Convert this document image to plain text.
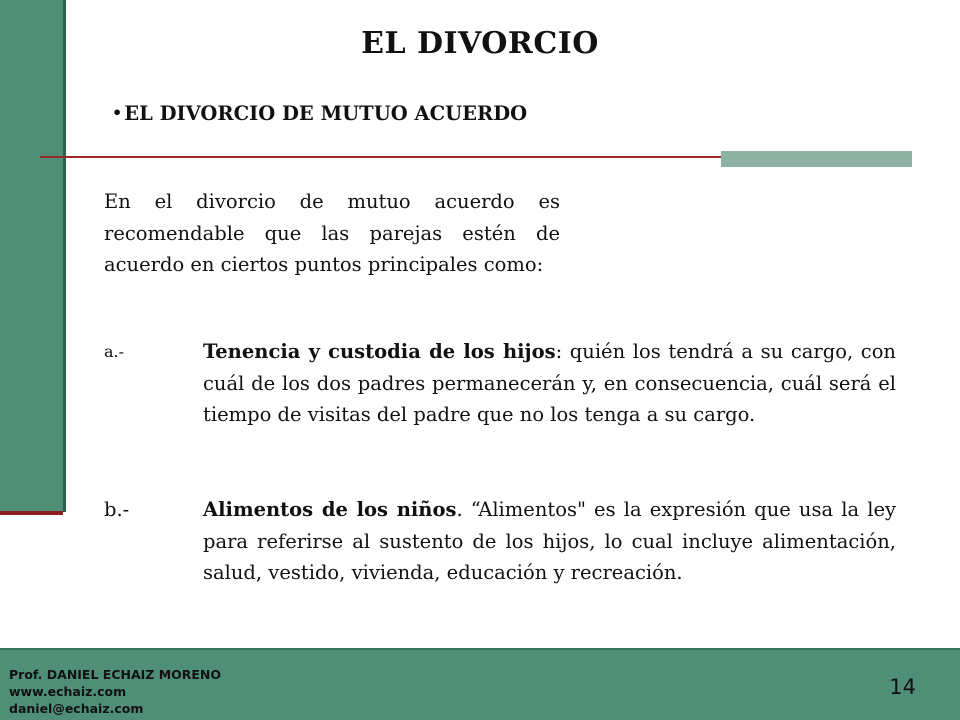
EL DIVORCIO
• EL DIVORCIO DE MUTUO ACUERDO

En el divorcio de mutuo acuerdo es recomendable que las parejas estén de acuerdo en ciertos puntos principales como:

a.-	Tenencia y custodia de los hijos: quién los tendrá a su cargo, con cuál de los dos padres permanecerán y, en consecuencia, cuál será el tiempo de visitas del padre que no los tenga a su cargo.
b.-	Alimentos de los niños. “Alimentos" es la expresión que usa la ley para referirse al sustento de los hijos, lo cual incluye alimentación, salud, vestido, vivienda, educación y recreación.
Prof. DANIEL ECHAIZ MORENO
www.echaiz.com
daniel@echaiz.com
14
